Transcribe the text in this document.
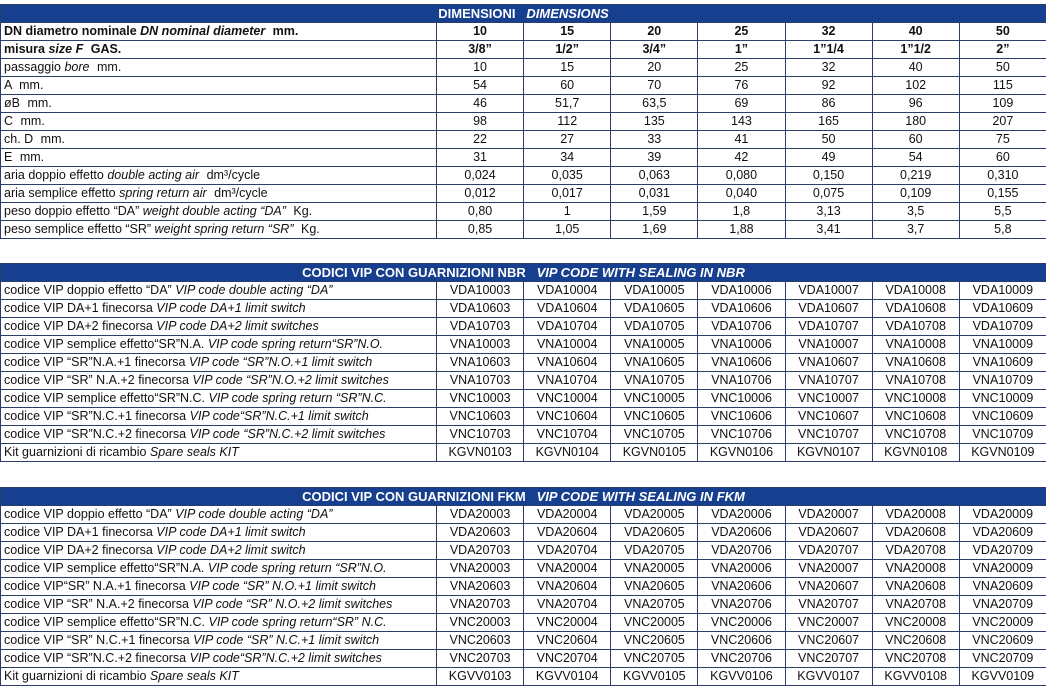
DIMENSIONI DIMENSIONS							
DN diametro nominale DN nominal diameter mm.	10	15	20	25	32	40	50
misura size F GAS.	3/8”	1/2”	3/4”	1”	1”1/4	1”1/2	2”
passaggio bore mm.	10	15	20	25	32	40	50
A mm.	54	60	70	76	92	102	115
øB mm.	46	51,7	63,5	69	86	96	109
C mm.	98	112	135	143	165	180	207
ch. D mm.	22	27	33	41	50	60	75
E mm.	31	34	39	42	49	54	60
aria doppio effetto double acting air dm³/cycle	0,024	0,035	0,063	0,080	0,150	0,219	0,310
aria semplice effetto spring return air dm³/cycle	0,012	0,017	0,031	0,040	0,075	0,109	0,155
peso doppio effetto “DA” weight double acting “DA” Kg.	0,80	1	1,59	1,8	3,13	3,5	5,5
peso semplice effetto “SR” weight spring return “SR” Kg.	0,85	1,05	1,69	1,88	3,41	3,7	5,8
CODICI VIP CON GUARNIZIONI NBR VIP CODE WITH SEALING IN NBR							
codice VIP doppio effetto “DA” VIP code double acting “DA”	VDA10003	VDA10004	VDA10005	VDA10006	VDA10007	VDA10008	VDA10009
codice VIP DA+1 finecorsa VIP code DA+1 limit switch	VDA10603	VDA10604	VDA10605	VDA10606	VDA10607	VDA10608	VDA10609
codice VIP DA+2 finecorsa VIP code DA+2 limit switches	VDA10703	VDA10704	VDA10705	VDA10706	VDA10707	VDA10708	VDA10709
codice VIP semplice effetto“SR”N.A. VIP code spring return“SR”N.O.	VNA10003	VNA10004	VNA10005	VNA10006	VNA10007	VNA10008	VNA10009
codice VIP “SR”N.A.+1 finecorsa VIP code “SR”N.O.+1 limit switch	VNA10603	VNA10604	VNA10605	VNA10606	VNA10607	VNA10608	VNA10609
codice VIP “SR” N.A.+2 finecorsa VIP code “SR”N.O.+2 limit switches	VNA10703	VNA10704	VNA10705	VNA10706	VNA10707	VNA10708	VNA10709
codice VIP semplice effetto“SR”N.C. VIP code spring return “SR”N.C.	VNC10003	VNC10004	VNC10005	VNC10006	VNC10007	VNC10008	VNC10009
codice VIP “SR”N.C.+1 finecorsa VIP code“SR”N.C.+1 limit switch	VNC10603	VNC10604	VNC10605	VNC10606	VNC10607	VNC10608	VNC10609
codice VIP “SR”N.C.+2 finecorsa VIP code “SR”N.C.+2 limit switches	VNC10703	VNC10704	VNC10705	VNC10706	VNC10707	VNC10708	VNC10709
Kit guarnizioni di ricambio Spare seals KIT	KGVN0103	KGVN0104	KGVN0105	KGVN0106	KGVN0107	KGVN0108	KGVN0109
CODICI VIP CON GUARNIZIONI FKM VIP CODE WITH SEALING IN FKM							
codice VIP doppio effetto “DA” VIP code double acting “DA”	VDA20003	VDA20004	VDA20005	VDA20006	VDA20007	VDA20008	VDA20009
codice VIP DA+1 finecorsa VIP code DA+1 limit switch	VDA20603	VDA20604	VDA20605	VDA20606	VDA20607	VDA20608	VDA20609
codice VIP DA+2 finecorsa VIP code DA+2 limit switch	VDA20703	VDA20704	VDA20705	VDA20706	VDA20707	VDA20708	VDA20709
codice VIP semplice effetto“SR”N.A. VIP code spring return “SR”N.O.	VNA20003	VNA20004	VNA20005	VNA20006	VNA20007	VNA20008	VNA20009
codice VIP“SR” N.A.+1 finecorsa VIP code “SR” N.O.+1 limit switch	VNA20603	VNA20604	VNA20605	VNA20606	VNA20607	VNA20608	VNA20609
codice VIP “SR” N.A.+2 finecorsa VIP code “SR” N.O.+2 limit switches	VNA20703	VNA20704	VNA20705	VNA20706	VNA20707	VNA20708	VNA20709
codice VIP semplice effetto“SR”N.C. VIP code spring return“SR” N.C.	VNC20003	VNC20004	VNC20005	VNC20006	VNC20007	VNC20008	VNC20009
codice VIP “SR” N.C.+1 finecorsa VIP code “SR” N.C.+1 limit switch	VNC20603	VNC20604	VNC20605	VNC20606	VNC20607	VNC20608	VNC20609
codice VIP “SR”N.C.+2 finecorsa VIP code“SR”N.C.+2 limit switches	VNC20703	VNC20704	VNC20705	VNC20706	VNC20707	VNC20708	VNC20709
Kit guarnizioni di ricambio Spare seals KIT	KGVV0103	KGVV0104	KGVV0105	KGVV0106	KGVV0107	KGVV0108	KGVV0109
